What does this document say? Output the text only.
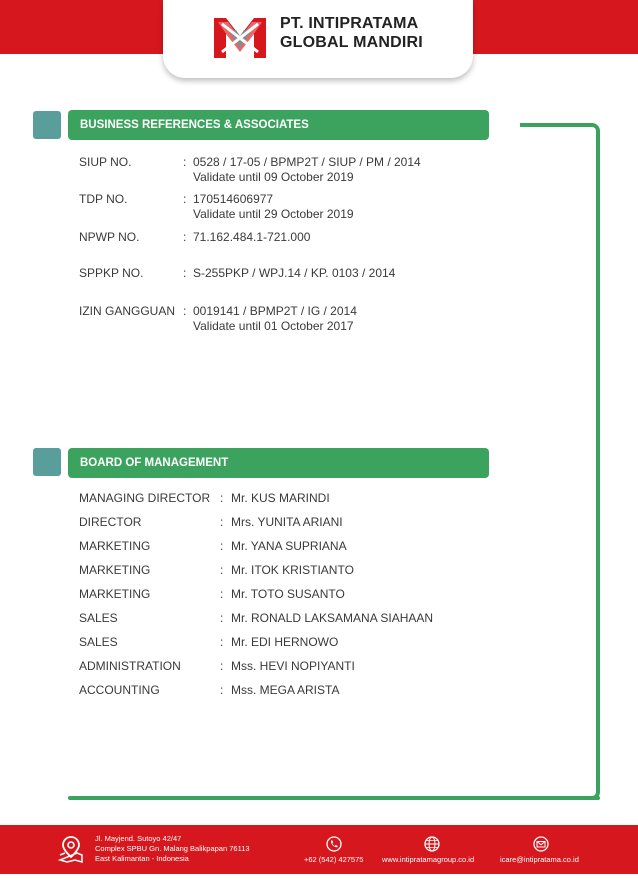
PT. INTIPRATAMA
GLOBAL MANDIRI
BUSINESS REFERENCES & ASSOCIATES
SIUP NO.	: 0528 / 17-05 / BPMP2T / SIUP / PM / 2014
Validate until 09 October 2019
TDP NO.	: 170514606977
Validate until 29 October 2019
NPWP NO.	: 71.162.484.1-721.000
SPPKP NO.	: S-255PKP / WPJ.14 / KP. 0103 / 2014
IZIN GANGGUAN : 0019141 / BPMP2T / IG / 2014
Validate until 01 October 2017
BOARD OF MANAGEMENT
MANAGING DIRECTOR : Mr. KUS MARINDI
DIRECTOR	: Mrs. YUNITA ARIANI
MARKETING	: Mr. YANA SUPRIANA
MARKETING	: Mr. ITOK KRISTIANTO
MARKETING	: Mr. TOTO SUSANTO
SALES	: Mr. RONALD LAKSAMANA SIAHAAN
SALES	: Mr. EDI HERNOWO
ADMINISTRATION	: Mss. HEVI NOPIYANTI
ACCOUNTING	: Mss. MEGA ARISTA
Jl. Mayjend. Sutoyo 42/47
Complex SPBU Gn. Malang Balikpapan 76113
East Kalimantan - Indonesia	+62 (542) 427575 www.intipratamagroup.co.id	icare@intipratama.co.id
